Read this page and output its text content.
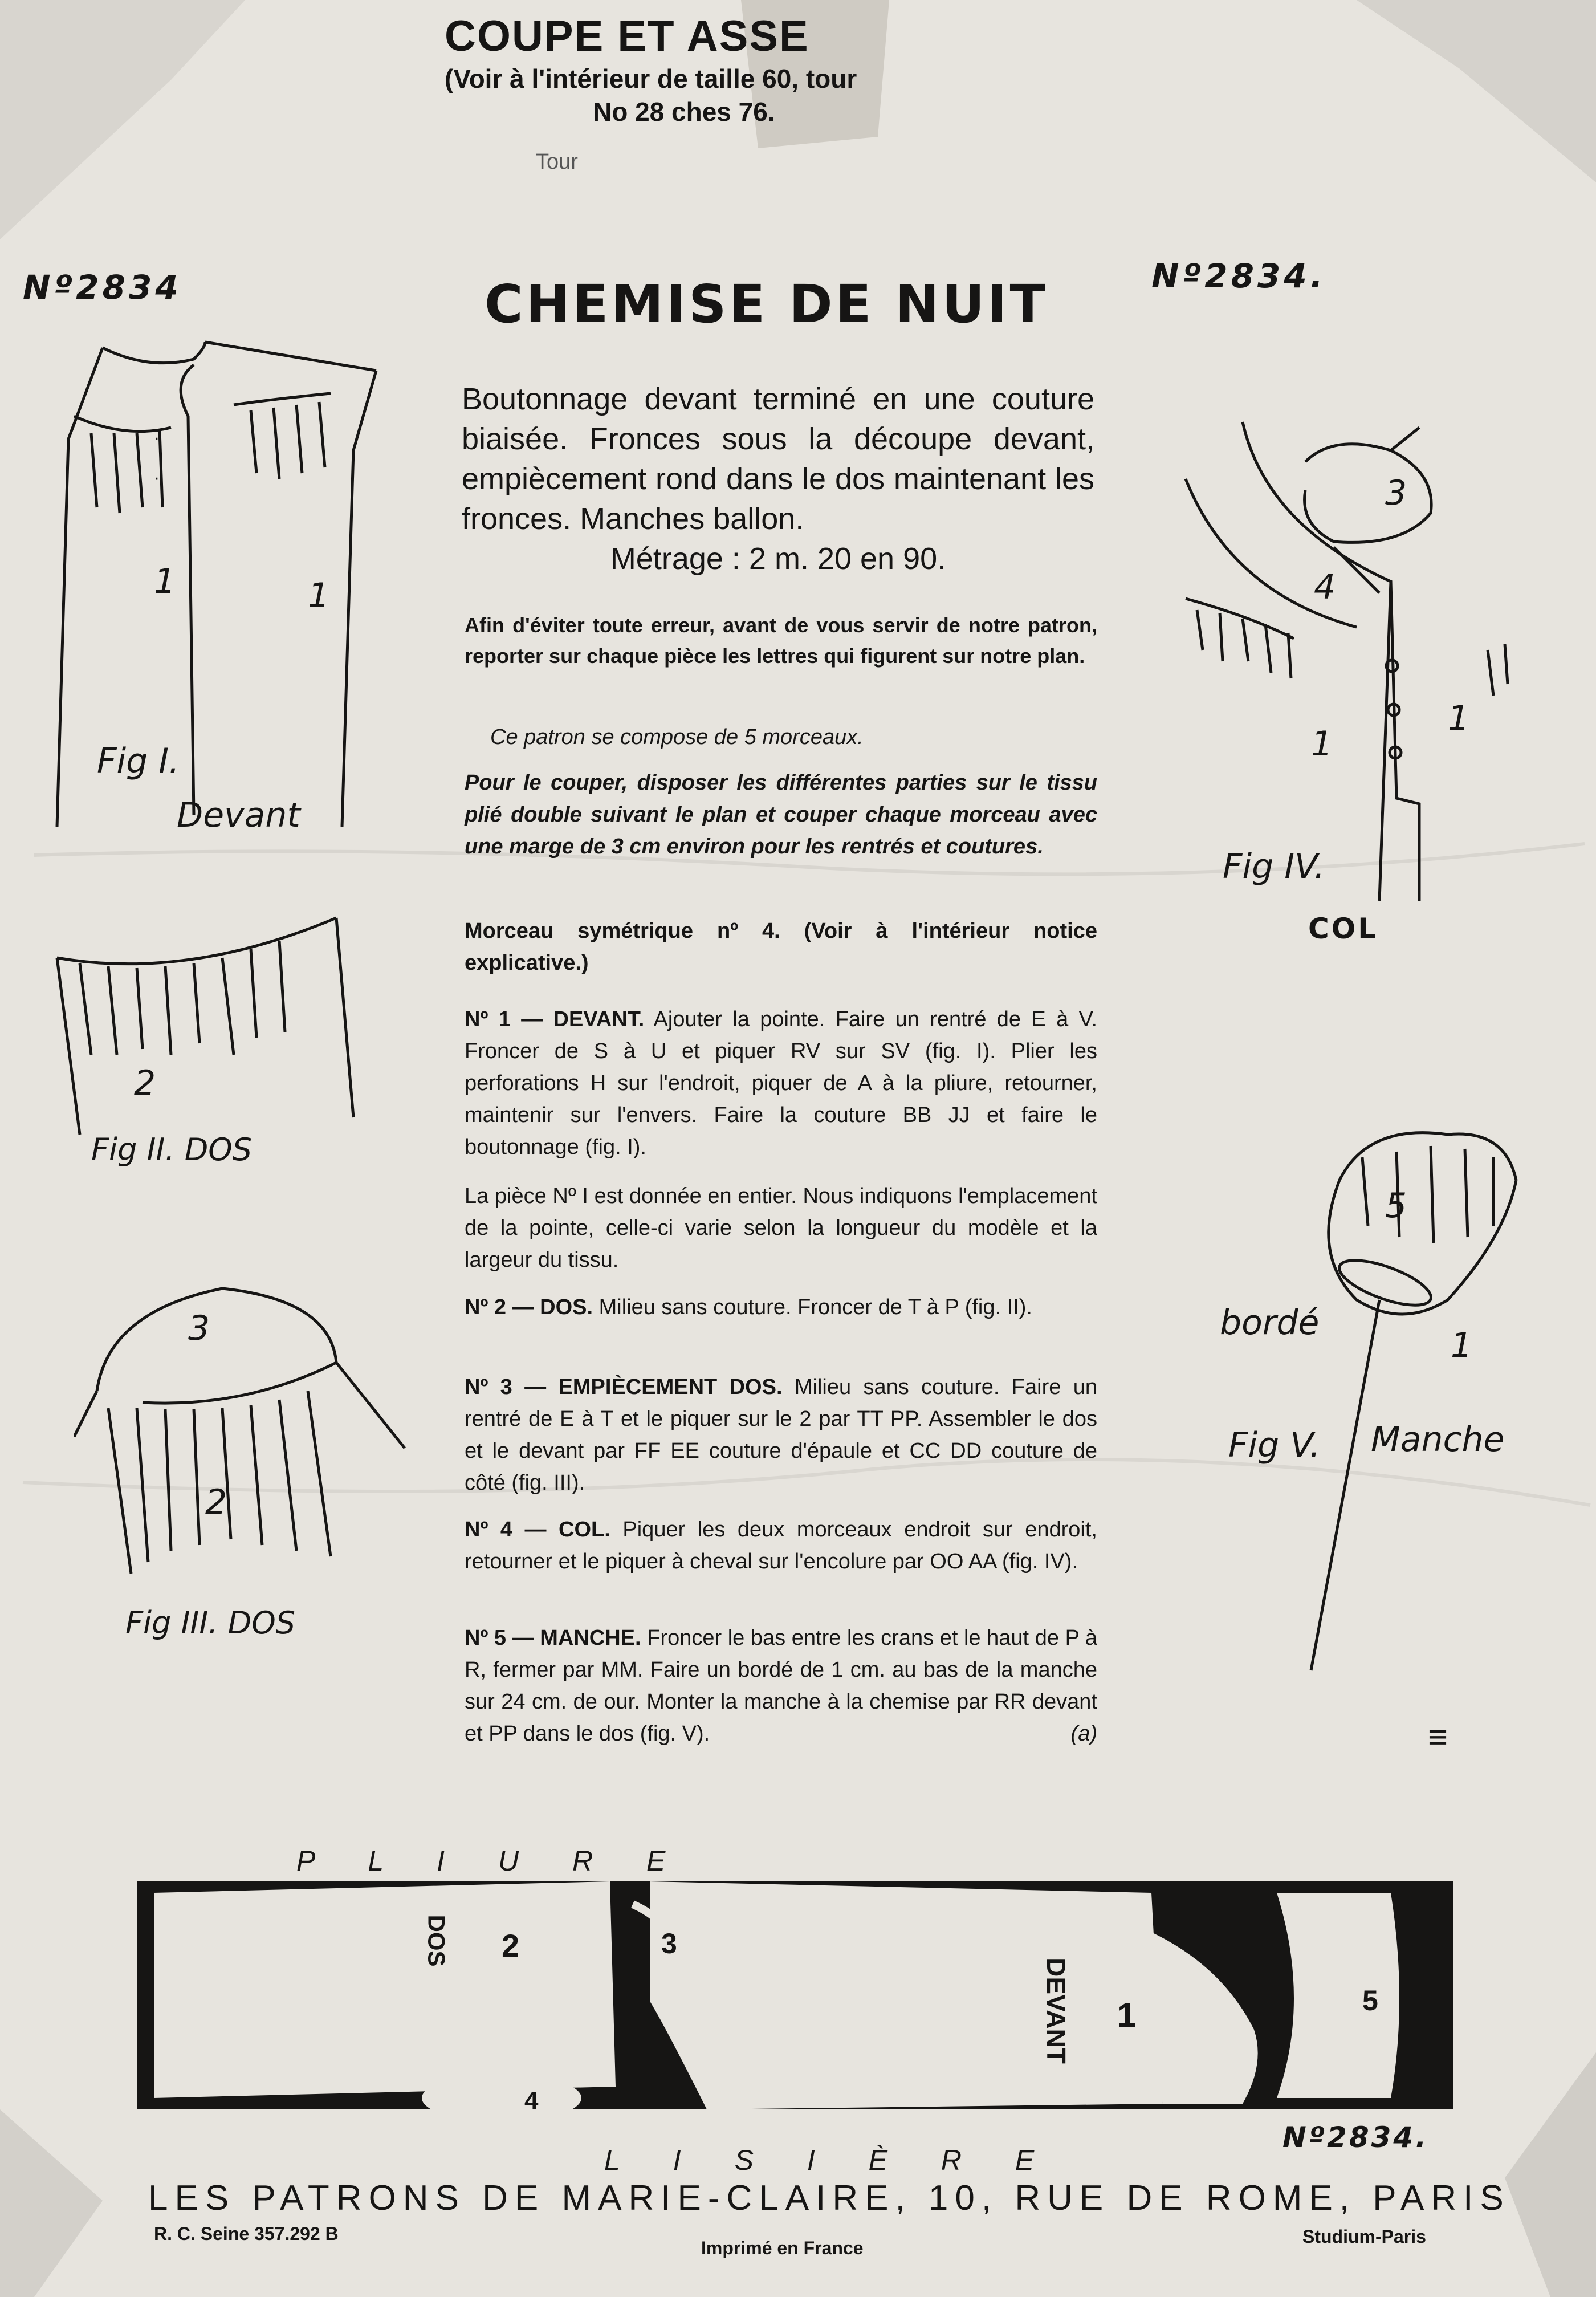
COUPE ET ASSE
(Voir à l'intérieur de taille 60, tour
No 28 ches 76.
Tour
Nº2834	Nº2834.
CHEMISE DE NUIT
Boutonnage devant terminé en une couture biaisée. Fronces sous la découpe devant, empiècement rond dans le dos maintenant les fronces. Manches ballon.
Métrage : 2 m. 20 en 90.
Afin d'éviter toute erreur, avant de vous servir de notre patron, reporter sur chaque pièce les lettres qui figurent sur notre plan.
Ce patron se compose de 5 morceaux.
Pour le couper, disposer les différentes parties sur le tissu plié double suivant le plan et couper chaque morceau avec une marge de 3 cm environ pour les rentrés et coutures.
Morceau symétrique nº 4. (Voir à l'intérieur notice explicative.)
Nº 1 — DEVANT. Ajouter la pointe. Faire un rentré de E à V. Froncer de S à U et piquer RV sur SV (fig. I). Plier les perforations H sur l'endroit, piquer de A à la pliure, retourner, maintenir sur l'envers. Faire la couture BB JJ et faire le boutonnage (fig. I).
La pièce Nº I est donnée en entier. Nous indiquons l'emplacement de la pointe, celle-ci varie selon la longueur du modèle et la largeur du tissu.
Nº 2 — DOS. Milieu sans couture. Froncer de T à P (fig. II).
Nº 3 — EMPIÈCEMENT DOS. Milieu sans couture. Faire un rentré de E à T et le piquer sur le 2 par TT PP. Assembler le dos et le devant par FF EE couture d'épaule et CC DD couture de côté (fig. III).
Nº 4 — COL. Piquer les deux morceaux endroit sur endroit, retourner et le piquer à cheval sur l'encolure par OO AA (fig. IV).
Nº 5 — MANCHE. Froncer le bas entre les crans et le haut de P à R, fermer par MM. Faire un bordé de 1 cm. au bas de la manche sur 24 cm. de our. Monter la manche à la chemise par RR devant et PP dans le dos (fig. V).	(a)
·
·
1	1
Fig I.
Devant
2
Fig II. DOS
3
2
Fig III. DOS
3
4
1
1
Fig IV.
COL
5
bordé
1
Fig V. Manche
≡
P L I U R E
L I S I È R E
DOS
DEVANT
2
1
3
4
5
Nº2834.
LES PATRONS DE MARIE-CLAIRE, 10, RUE DE ROME, PARIS
R. C. Seine 357.292 B
Imprimé en France
Studium-Paris
